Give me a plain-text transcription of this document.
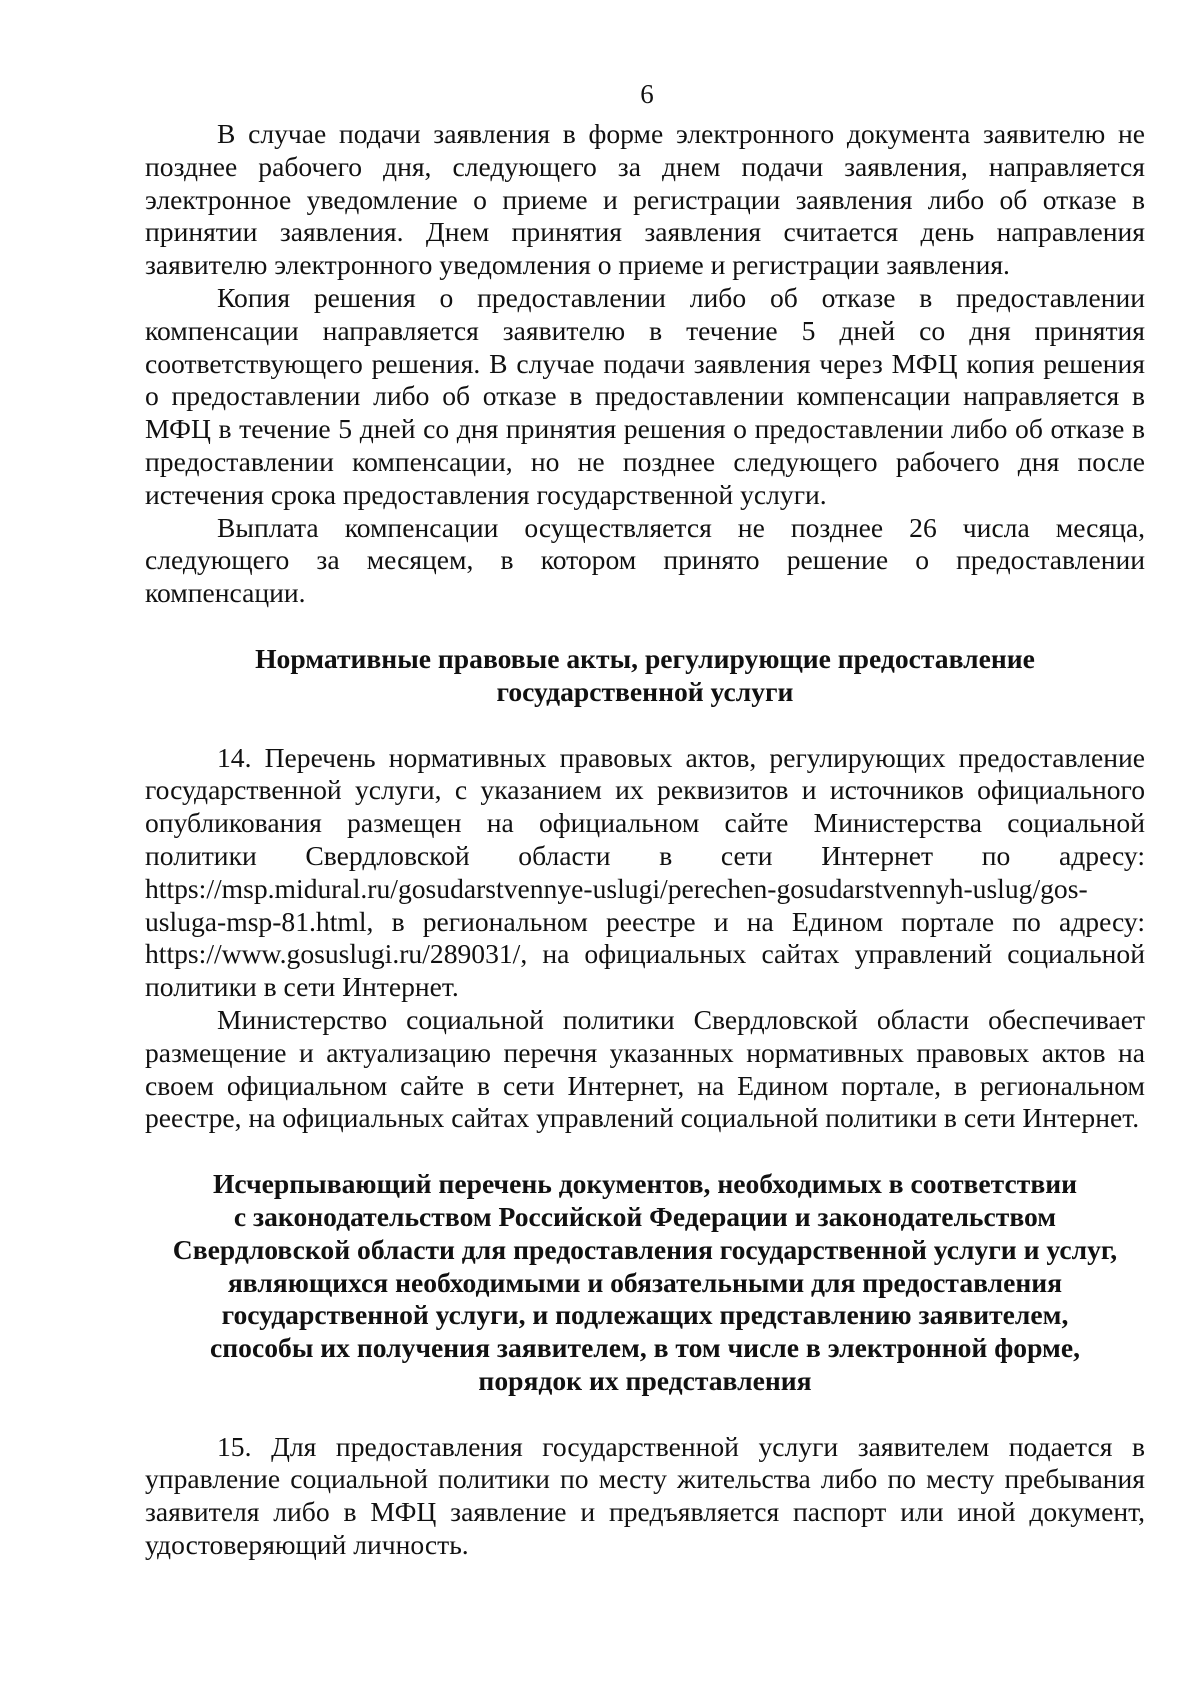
6

В случае подачи заявления в форме электронного документа заявителю не позднее рабочего дня, следующего за днем подачи заявления, направляется электронное уведомление о приеме и регистрации заявления либо об отказе в принятии заявления. Днем принятия заявления считается день направления заявителю электронного уведомления о приеме и регистрации заявления.

Копия решения о предоставлении либо об отказе в предоставлении компенсации направляется заявителю в течение 5 дней со дня принятия соответствующего решения. В случае подачи заявления через МФЦ копия решения о предоставлении либо об отказе в предоставлении компенсации направляется в МФЦ в течение 5 дней со дня принятия решения о предоставлении либо об отказе в предоставлении компенсации, но не позднее следующего рабочего дня после истечения срока предоставления государственной услуги.

Выплата компенсации осуществляется не позднее 26 числа месяца, следующего за месяцем, в котором принято решение о предоставлении компенсации.

Нормативные правовые акты, регулирующие предоставление
государственной услуги

14. Перечень нормативных правовых актов, регулирующих предоставление государственной услуги, с указанием их реквизитов и источников официального опубликования размещен на официальном сайте Министерства социальной политики Свердловской области в сети Интернет по адресу: https://msp.midural.ru/gosudarstvennye-uslugi/perechen-gosudarstvennyh-uslug/gos-usluga-msp-81.html, в региональном реестре и на Едином портале по адресу: https://www.gosuslugi.ru/289031/, на официальных сайтах управлений социальной политики в сети Интернет.

Министерство социальной политики Свердловской области обеспечивает размещение и актуализацию перечня указанных нормативных правовых актов на своем официальном сайте в сети Интернет, на Едином портале, в региональном реестре, на официальных сайтах управлений социальной политики в сети Интернет.

Исчерпывающий перечень документов, необходимых в соответствии
с законодательством Российской Федерации и законодательством
Свердловской области для предоставления государственной услуги и услуг,
являющихся необходимыми и обязательными для предоставления
государственной услуги, и подлежащих представлению заявителем,
способы их получения заявителем, в том числе в электронной форме,
порядок их представления

15. Для предоставления государственной услуги заявителем подается в управление социальной политики по месту жительства либо по месту пребывания заявителя либо в МФЦ заявление и предъявляется паспорт или иной документ, удостоверяющий личность.
